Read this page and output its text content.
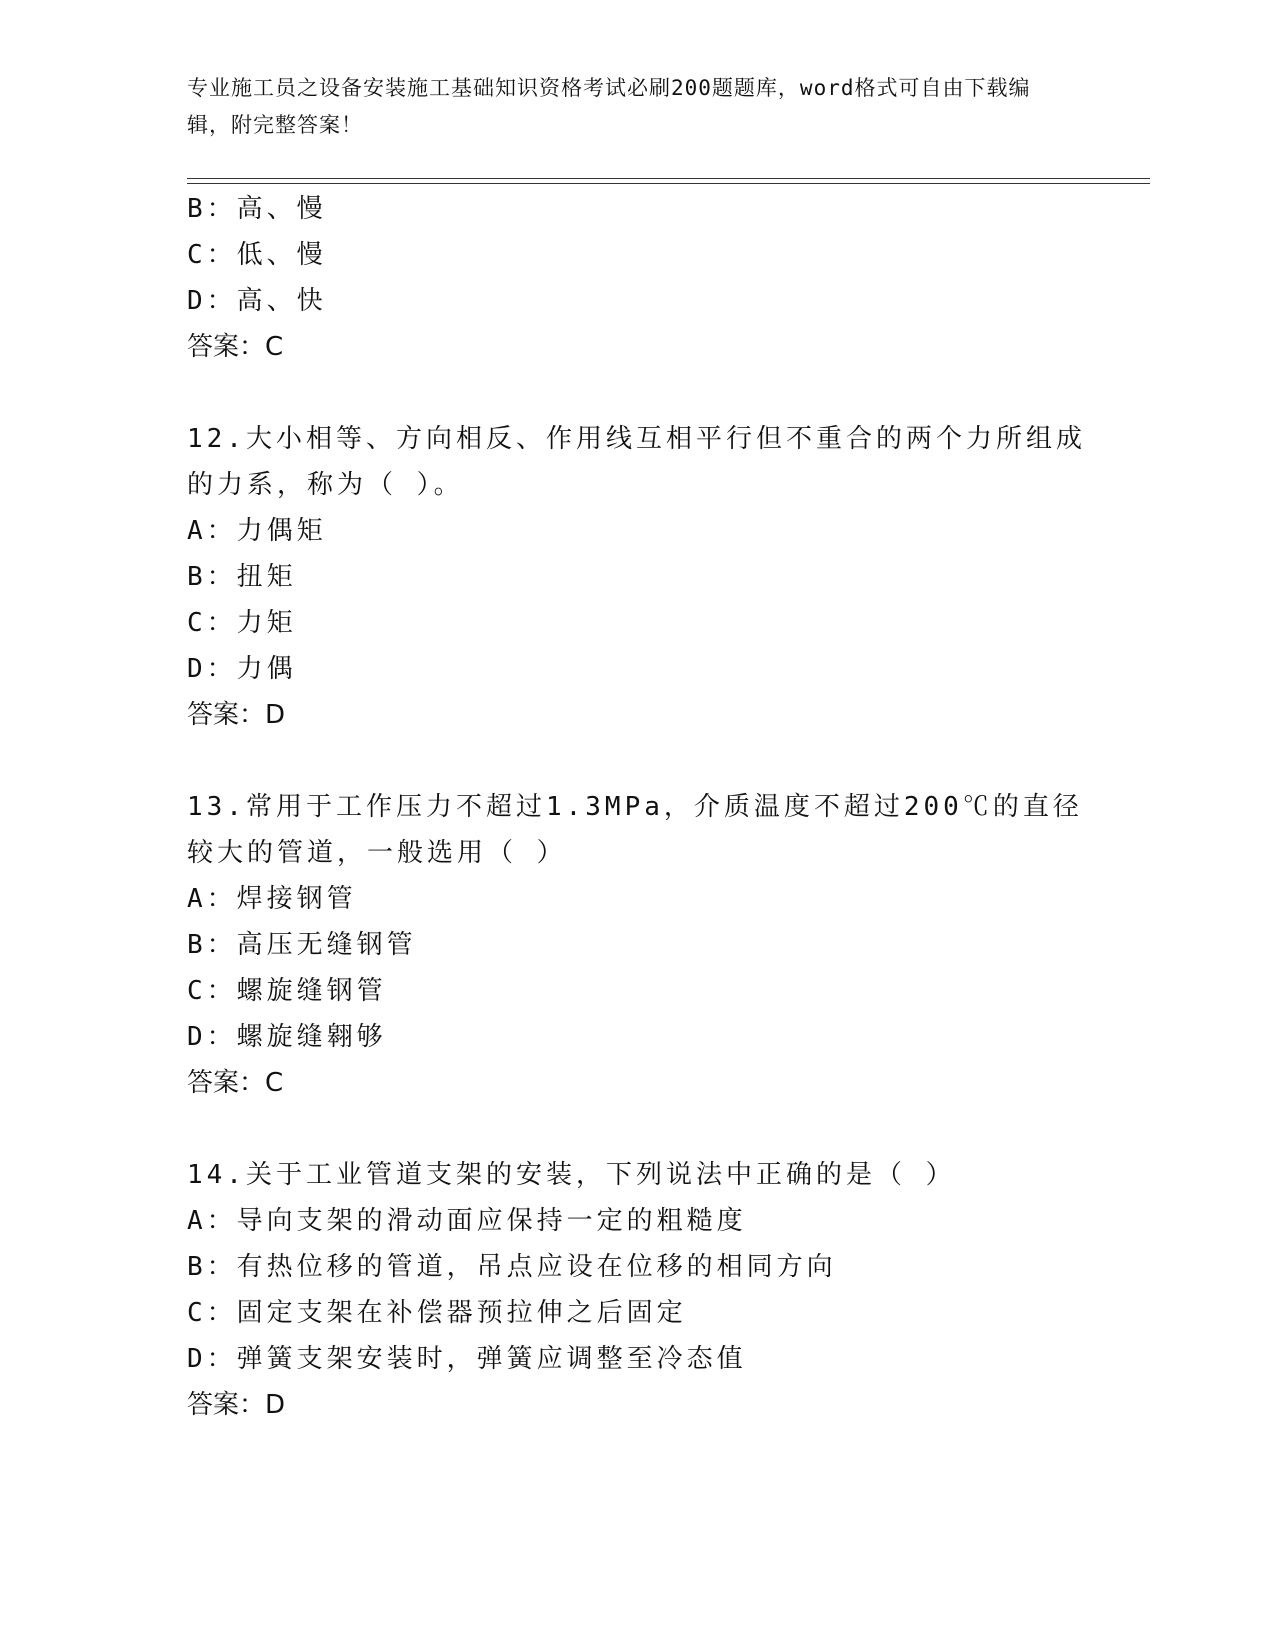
专业施工员之设备安装施工基础知识资格考试必刷200题题库，word格式可自由下载编辑，附完整答案！
B：高、慢
C：低、慢
D：高、快
答案：C
12.大小相等、方向相反、作用线互相平行但不重合的两个力所组成的力系，称为（ ）。
A：力偶矩
B：扭矩
C：力矩
D：力偶
答案：D
13.常用于工作压力不超过1.3MPa，介质温度不超过200℃的直径较大的管道，一般选用（ ）
A：焊接钢管
B：高压无缝钢管
C：螺旋缝钢管
D：螺旋缝翱够
答案：C
14.关于工业管道支架的安装，下列说法中正确的是（ ）
A：导向支架的滑动面应保持一定的粗糙度
B：有热位移的管道，吊点应设在位移的相同方向
C：固定支架在补偿器预拉伸之后固定
D：弹簧支架安装时，弹簧应调整至冷态值
答案：D
